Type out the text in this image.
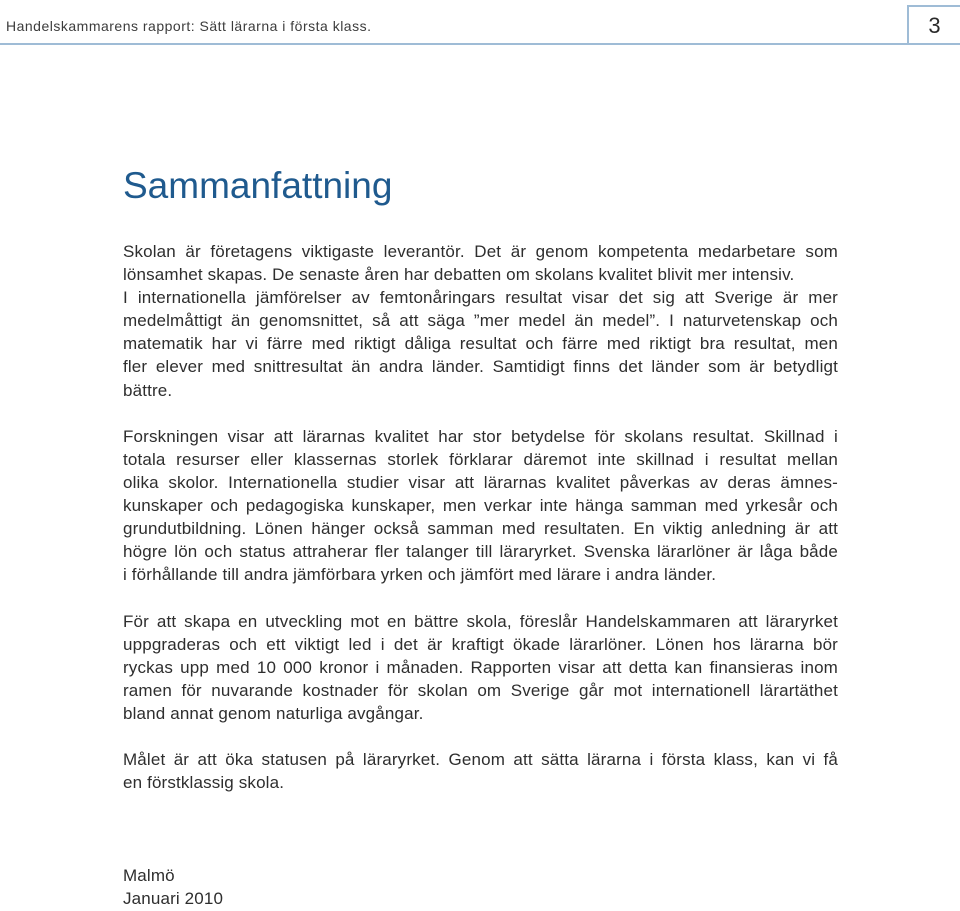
Handelskammarens rapport: Sätt lärarna i första klass.	3
Sammanfattning
Skolan är företagens viktigaste leverantör. Det är genom kompetenta medarbetare som
lönsamhet skapas. De senaste åren har debatten om skolans kvalitet blivit mer intensiv.
I internationella jämförelser av femtonåringars resultat visar det sig att Sverige är mer
medelmåttigt än genomsnittet, så att säga ”mer medel än medel”. I naturvetenskap och
matematik har vi färre med riktigt dåliga resultat och färre med riktigt bra resultat, men
fler elever med snittresultat än andra länder. Samtidigt finns det länder som är betydligt
bättre.
Forskningen visar att lärarnas kvalitet har stor betydelse för skolans resultat. Skillnad i
totala resurser eller klassernas storlek förklarar däremot inte skillnad i resultat mellan
olika skolor. Internationella studier visar att lärarnas kvalitet påverkas av deras ämnes-
kunskaper och pedagogiska kunskaper, men verkar inte hänga samman med yrkesår och
grundutbildning. Lönen hänger också samman med resultaten. En viktig anledning är att
högre lön och status attraherar fler talanger till läraryrket. Svenska lärarlöner är låga både
i förhållande till andra jämförbara yrken och jämfört med lärare i andra länder.
För att skapa en utveckling mot en bättre skola, föreslår Handelskammaren att läraryrket
uppgraderas och ett viktigt led i det är kraftigt ökade lärarlöner. Lönen hos lärarna bör
ryckas upp med 10 000 kronor i månaden. Rapporten visar att detta kan finansieras inom
ramen för nuvarande kostnader för skolan om Sverige går mot internationell lärartäthet
bland annat genom naturliga avgångar.
Målet är att öka statusen på läraryrket. Genom att sätta lärarna i första klass, kan vi få
en förstklassig skola.
Malmö
Januari 2010
